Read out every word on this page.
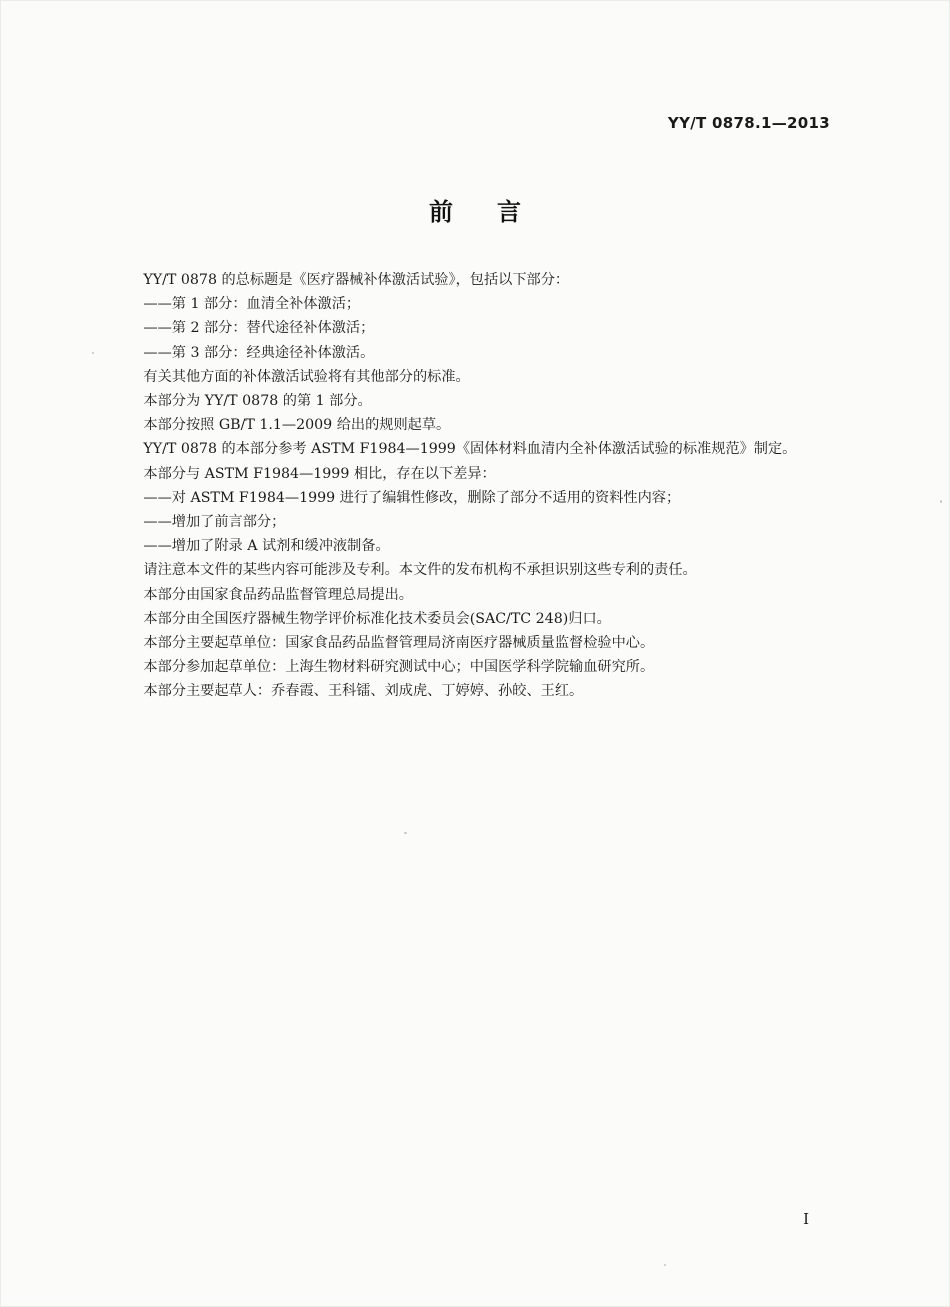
YY/T 0878.1—2013
前言

YY/T 0878 的总标题是《医疗器械补体激活试验》，包括以下部分：

——第 1 部分：血清全补体激活；

——第 2 部分：替代途径补体激活；

——第 3 部分：经典途径补体激活。

有关其他方面的补体激活试验将有其他部分的标准。

本部分为 YY/T 0878 的第 1 部分。

本部分按照 GB/T 1.1—2009 给出的规则起草。

YY/T 0878 的本部分参考 ASTM F1984—1999《固体材料血清内全补体激活试验的标准规范》制定。

本部分与 ASTM F1984—1999 相比，存在以下差异：

——对 ASTM F1984—1999 进行了编辑性修改，删除了部分不适用的资料性内容；

——增加了前言部分；

——增加了附录 A 试剂和缓冲液制备。

请注意本文件的某些内容可能涉及专利。本文件的发布机构不承担识别这些专利的责任。

本部分由国家食品药品监督管理总局提出。

本部分由全国医疗器械生物学评价标准化技术委员会(SAC/TC 248)归口。

本部分主要起草单位：国家食品药品监督管理局济南医疗器械质量监督检验中心。

本部分参加起草单位：上海生物材料研究测试中心；中国医学科学院输血研究所。

本部分主要起草人：乔春霞、王科镭、刘成虎、丁婷婷、孙皎、王红。

I
